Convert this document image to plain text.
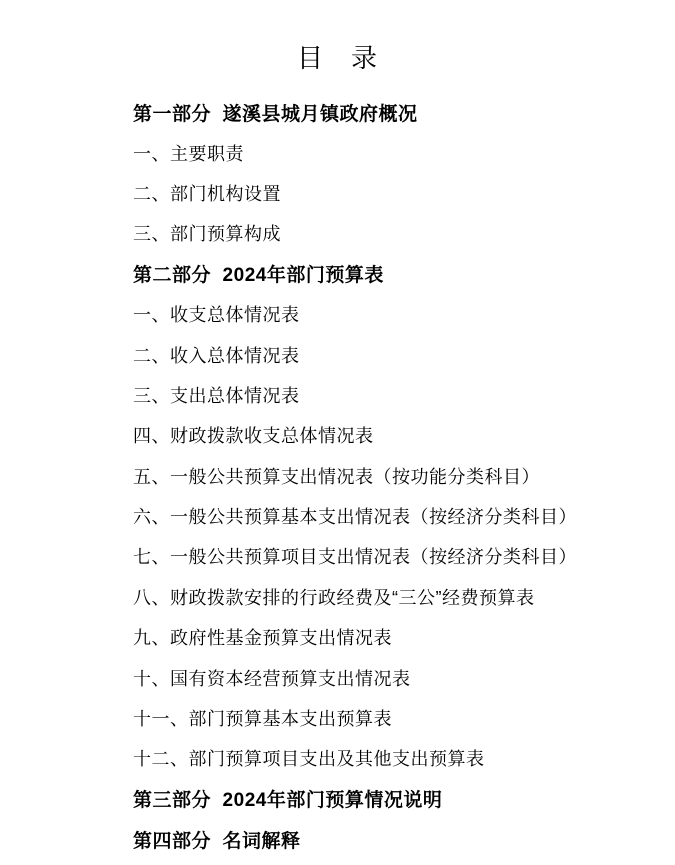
目　录
第一部分  遂溪县城月镇政府概况
一、主要职责
二、部门机构设置
三、部门预算构成
第二部分  2024年部门预算表
一、收支总体情况表
二、收入总体情况表
三、支出总体情况表
四、财政拨款收支总体情况表
五、一般公共预算支出情况表（按功能分类科目）
六、一般公共预算基本支出情况表（按经济分类科目）
七、一般公共预算项目支出情况表（按经济分类科目）
八、财政拨款安排的行政经费及“三公”经费预算表
九、政府性基金预算支出情况表
十、国有资本经营预算支出情况表
十一、部门预算基本支出预算表
十二、部门预算项目支出及其他支出预算表
第三部分  2024年部门预算情况说明
第四部分  名词解释
